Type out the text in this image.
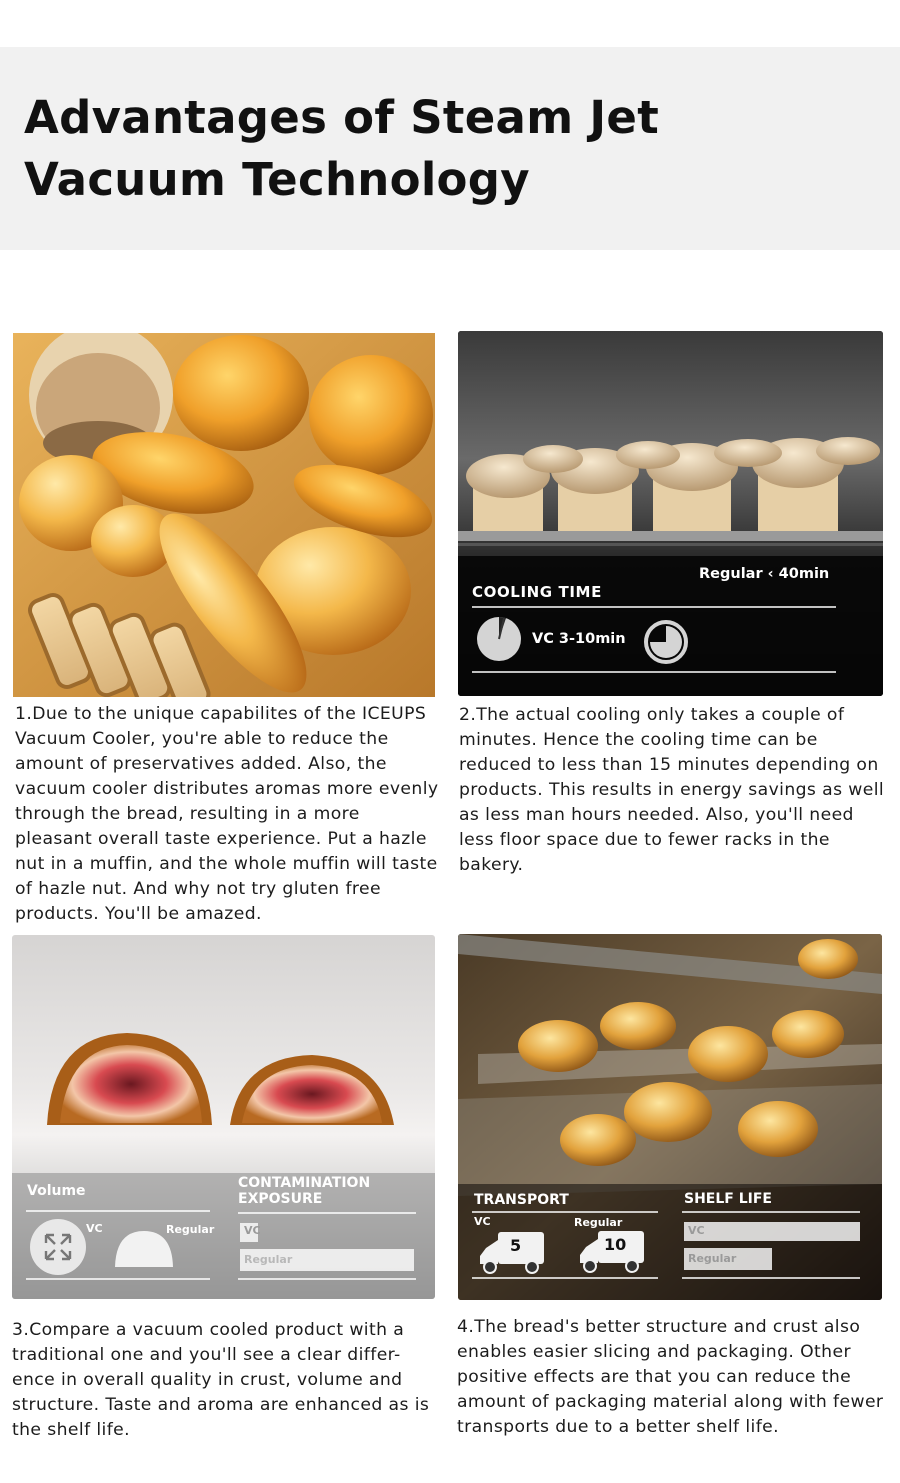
Advantages of Steam Jet Vacuum Technology
Regular ‹ 40min
COOLING TIME
VC 3-10min
Volume
VC	Regular
CONTAMINATION
EXPOSURE
VC
Regular
TRANSPORT
VC	Regular
5	10
SHELF LIFE
VC
Regular

1.Due to the unique capabilites of the ICEUPS Vacuum Cooler, you're able to reduce the amount of preservatives added. Also, the vacuum cooler distributes aromas more evenly through the bread, resulting in a more pleasant overall taste experience. Put a hazle nut in a muffin, and the whole muffin will taste of hazle nut. And why not try gluten free products. You'll be amazed.

2.The actual cooling only takes a couple of minutes. Hence the cooling time can be reduced to less than 15 minutes depending on products. This results in energy savings as well as less man hours needed. Also, you'll need less floor space due to fewer racks in the bakery.

3.Compare a vacuum cooled product with a traditional one and you'll see a clear differ- ence in overall quality in crust, volume and structure. Taste and aroma are enhanced as is the shelf life.

4.The bread's better structure and crust also enables easier slicing and packaging. Other positive effects are that you can reduce the amount of packaging material along with fewer transports due to a better shelf life.
